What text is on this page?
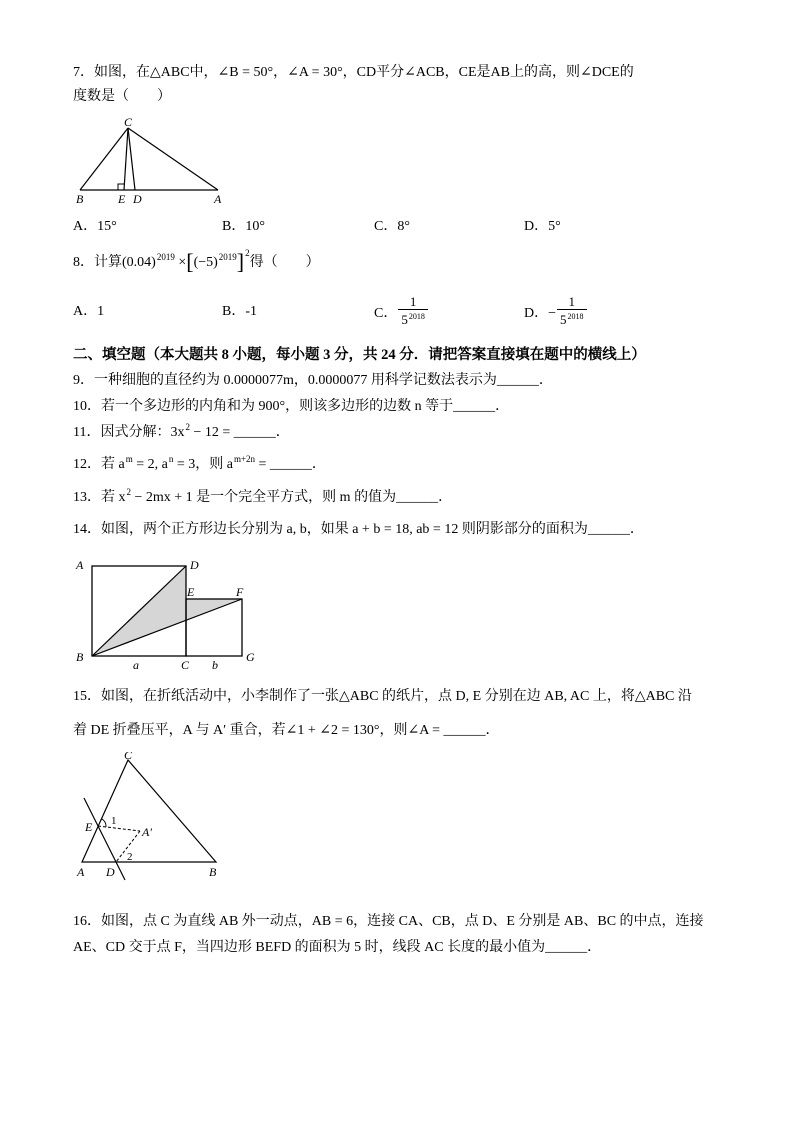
7．如图，在△ABC中，∠B = 50°，∠A = 30°，CD平分∠ACB，CE是AB上的高，则∠DCE的
度数是（　　）
C
B	E D	A
A．15°	B．10°	C．8°	D．5°
8．计算$(0.04)^{2019} \times[(-5)^{2019}]^2$得（　　）
A．1	B．-1	C． $\frac{1}{5^{2018}}$	D．− $\frac{1}{5^{2018}}$
二、填空题（本大题共 8 小题，每小题 3 分，共 24 分．请把答案直接填在题中的横线上）
9．一种细胞的直径约为 0.0000077m，0.0000077 用科学记数法表示为______．
10．若一个多边形的内角和为 900°，则该多边形的边数 n 等于______．
11．因式分解：$3x^2 - 12$ = ______．
12．若 $a^m = 2$, $a^n = 3$，则 $a^{m+2n}$ = ______．
13．若 $x^2 - 2mx + 1$ 是一个完全平方式，则 m 的值为______．
14．如图，两个正方形边长分别为 a, b，如果 a + b = 18, ab = 12 则阴影部分的面积为______．
A	D
E	F
B
C
G
a	b
15．如图，在折纸活动中，小李制作了一张△ABC 的纸片，点 D, E 分别在边 AB, AC 上，将△ABC 沿
着 DE 折叠压平，A 与 A′ 重合，若∠1 + ∠2 = 130°，则∠A = ______．
C
E 1
A′
A D
2
B
16．如图，点 C 为直线 AB 外一动点，AB = 6，连接 CA、CB，点 D、E 分别是 AB、BC 的中点，连接
AE、CD 交于点 F，当四边形 BEFD 的面积为 5 时，线段 AC 长度的最小值为______．
